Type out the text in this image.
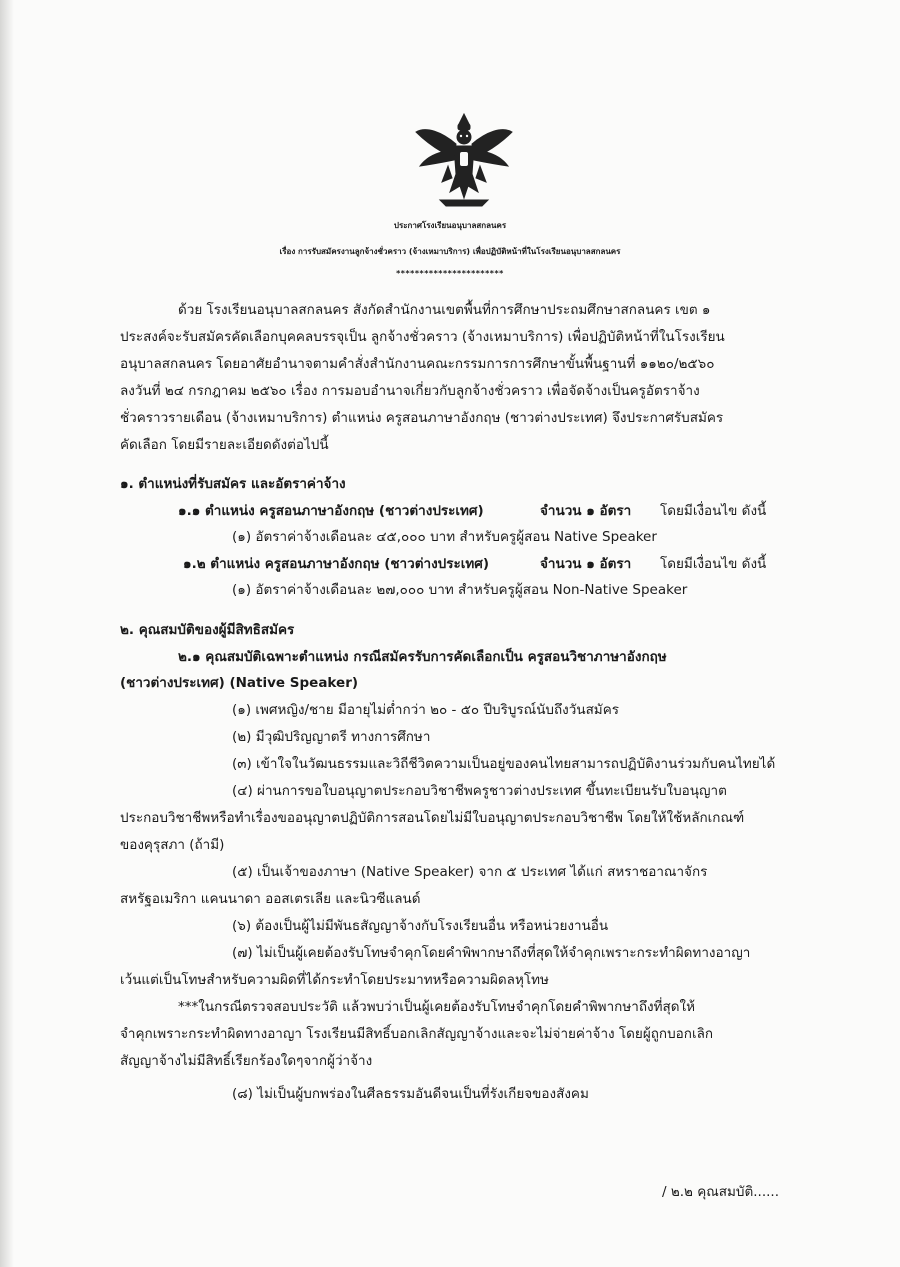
ประกาศโรงเรียนอนุบาลสกลนคร
เรื่อง การรับสมัครงานลูกจ้างชั่วคราว (จ้างเหมาบริการ) เพื่อปฏิบัติหน้าที่ในโรงเรียนอนุบาลสกลนคร
***********************
ด้วย โรงเรียนอนุบาลสกลนคร สังกัดสำนักงานเขตพื้นที่การศึกษาประถมศึกษาสกลนคร เขต ๑
ประสงค์จะรับสมัครคัดเลือกบุคคลบรรจุเป็น ลูกจ้างชั่วคราว (จ้างเหมาบริการ) เพื่อปฏิบัติหน้าที่ในโรงเรียน
อนุบาลสกลนคร โดยอาศัยอำนาจตามคำสั่งสำนักงานคณะกรรมการการศึกษาขั้นพื้นฐานที่ ๑๑๒๐/๒๕๖๐
ลงวันที่ ๒๔ กรกฎาคม ๒๕๖๐ เรื่อง การมอบอำนาจเกี่ยวกับลูกจ้างชั่วคราว เพื่อจัดจ้างเป็นครูอัตราจ้าง
ชั่วคราวรายเดือน (จ้างเหมาบริการ) ตำแหน่ง ครูสอนภาษาอังกฤษ (ชาวต่างประเทศ) จึงประกาศรับสมัคร
คัดเลือก โดยมีรายละเอียดดังต่อไปนี้
๑. ตำแหน่งที่รับสมัคร และอัตราค่าจ้าง
๑.๑ ตำแหน่ง ครูสอนภาษาอังกฤษ (ชาวต่างประเทศ)	จำนวน ๑ อัตรา โดยมีเงื่อนไข ดังนี้
(๑) อัตราค่าจ้างเดือนละ ๔๕,๐๐๐ บาท สำหรับครูผู้สอน Native Speaker
๑.๒ ตำแหน่ง ครูสอนภาษาอังกฤษ (ชาวต่างประเทศ)	จำนวน ๑ อัตรา โดยมีเงื่อนไข ดังนี้
(๑) อัตราค่าจ้างเดือนละ ๒๗,๐๐๐ บาท สำหรับครูผู้สอน Non-Native Speaker
๒. คุณสมบัติของผู้มีสิทธิสมัคร
๒.๑ คุณสมบัติเฉพาะตำแหน่ง กรณีสมัครรับการคัดเลือกเป็น ครูสอนวิชาภาษาอังกฤษ
(ชาวต่างประเทศ) (Native Speaker)
(๑) เพศหญิง/ชาย มีอายุไม่ต่ำกว่า ๒๐ - ๕๐ ปีบริบูรณ์นับถึงวันสมัคร
(๒) มีวุฒิปริญญาตรี ทางการศึกษา
(๓) เข้าใจในวัฒนธรรมและวิถีชีวิตความเป็นอยู่ของคนไทยสามารถปฏิบัติงานร่วมกับคนไทยได้
(๔) ผ่านการขอใบอนุญาตประกอบวิชาชีพครูชาวต่างประเทศ ขึ้นทะเบียนรับใบอนุญาต
ประกอบวิชาชีพหรือทำเรื่องขออนุญาตปฏิบัติการสอนโดยไม่มีใบอนุญาตประกอบวิชาชีพ โดยให้ใช้หลักเกณฑ์
ของคุรุสภา (ถ้ามี)
(๕) เป็นเจ้าของภาษา (Native Speaker) จาก ๕ ประเทศ ได้แก่ สหราชอาณาจักร
สหรัฐอเมริกา แคนนาดา ออสเตรเลีย และนิวซีแลนด์
(๖) ต้องเป็นผู้ไม่มีพันธสัญญาจ้างกับโรงเรียนอื่น หรือหน่วยงานอื่น
(๗) ไม่เป็นผู้เคยต้องรับโทษจำคุกโดยคำพิพากษาถึงที่สุดให้จำคุกเพราะกระทำผิดทางอาญา
เว้นแต่เป็นโทษสำหรับความผิดที่ได้กระทำโดยประมาทหรือความผิดลหุโทษ
***ในกรณีตรวจสอบประวัติ แล้วพบว่าเป็นผู้เคยต้องรับโทษจำคุกโดยคำพิพากษาถึงที่สุดให้
จำคุกเพราะกระทำผิดทางอาญา โรงเรียนมีสิทธิ์บอกเลิกสัญญาจ้างและจะไม่จ่ายค่าจ้าง โดยผู้ถูกบอกเลิก
สัญญาจ้างไม่มีสิทธิ์เรียกร้องใดๆจากผู้ว่าจ้าง
(๘) ไม่เป็นผู้บกพร่องในศีลธรรมอันดีจนเป็นที่รังเกียจของสังคม
/ ๒.๒ คุณสมบัติ......
